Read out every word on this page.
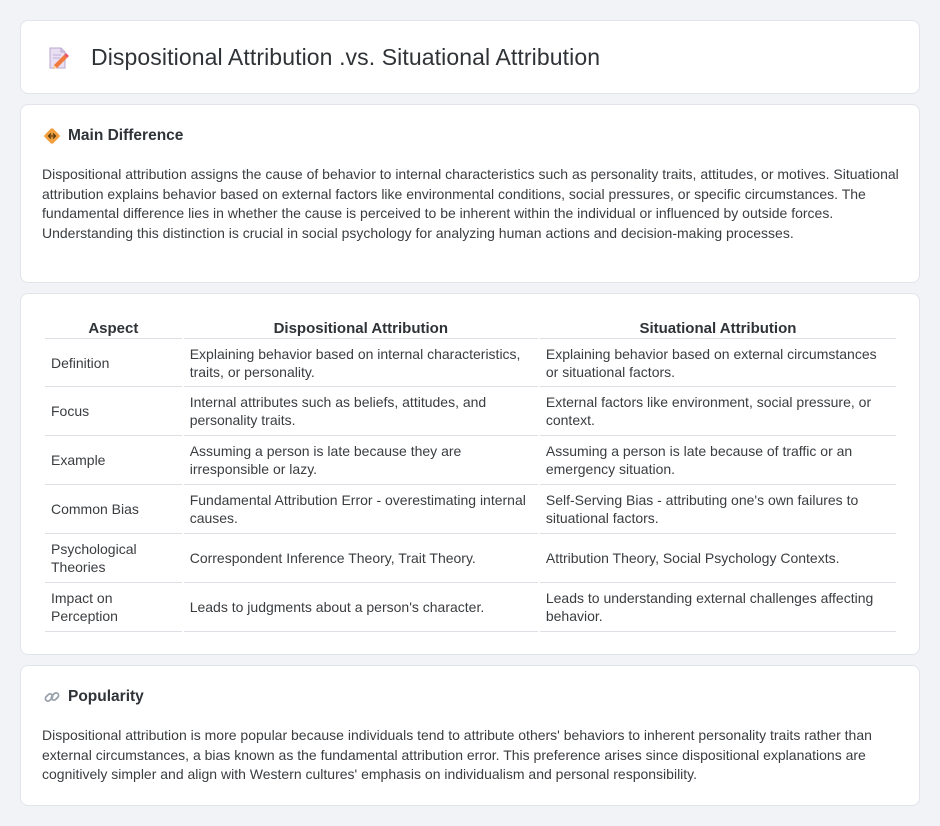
Dispositional Attribution .vs. Situational Attribution
Main Difference

Dispositional attribution assigns the cause of behavior to internal characteristics such as personality traits, attitudes, or motives. Situational attribution explains behavior based on external factors like environmental conditions, social pressures, or specific circumstances. The fundamental difference lies in whether the cause is perceived to be inherent within the individual or influenced by outside forces. Understanding this distinction is crucial in social psychology for analyzing human actions and decision-making processes.

Aspect	Dispositional Attribution	Situational Attribution
Definition	Explaining behavior based on internal characteristics, traits, or personality.	Explaining behavior based on external circumstances or situational factors.
Focus	Internal attributes such as beliefs, attitudes, and personality traits.	External factors like environment, social pressure, or context.
Example	Assuming a person is late because they are irresponsible or lazy.	Assuming a person is late because of traffic or an emergency situation.
Common Bias	Fundamental Attribution Error - overestimating internal causes.	Self-Serving Bias - attributing one's own failures to situational factors.
Psychological Theories	Correspondent Inference Theory, Trait Theory.	Attribution Theory, Social Psychology Contexts.
Impact on Perception	Leads to judgments about a person's character.	Leads to understanding external challenges affecting behavior.
Popularity

Dispositional attribution is more popular because individuals tend to attribute others' behaviors to inherent personality traits rather than external circumstances, a bias known as the fundamental attribution error. This preference arises since dispositional explanations are cognitively simpler and align with Western cultures' emphasis on individualism and personal responsibility.
